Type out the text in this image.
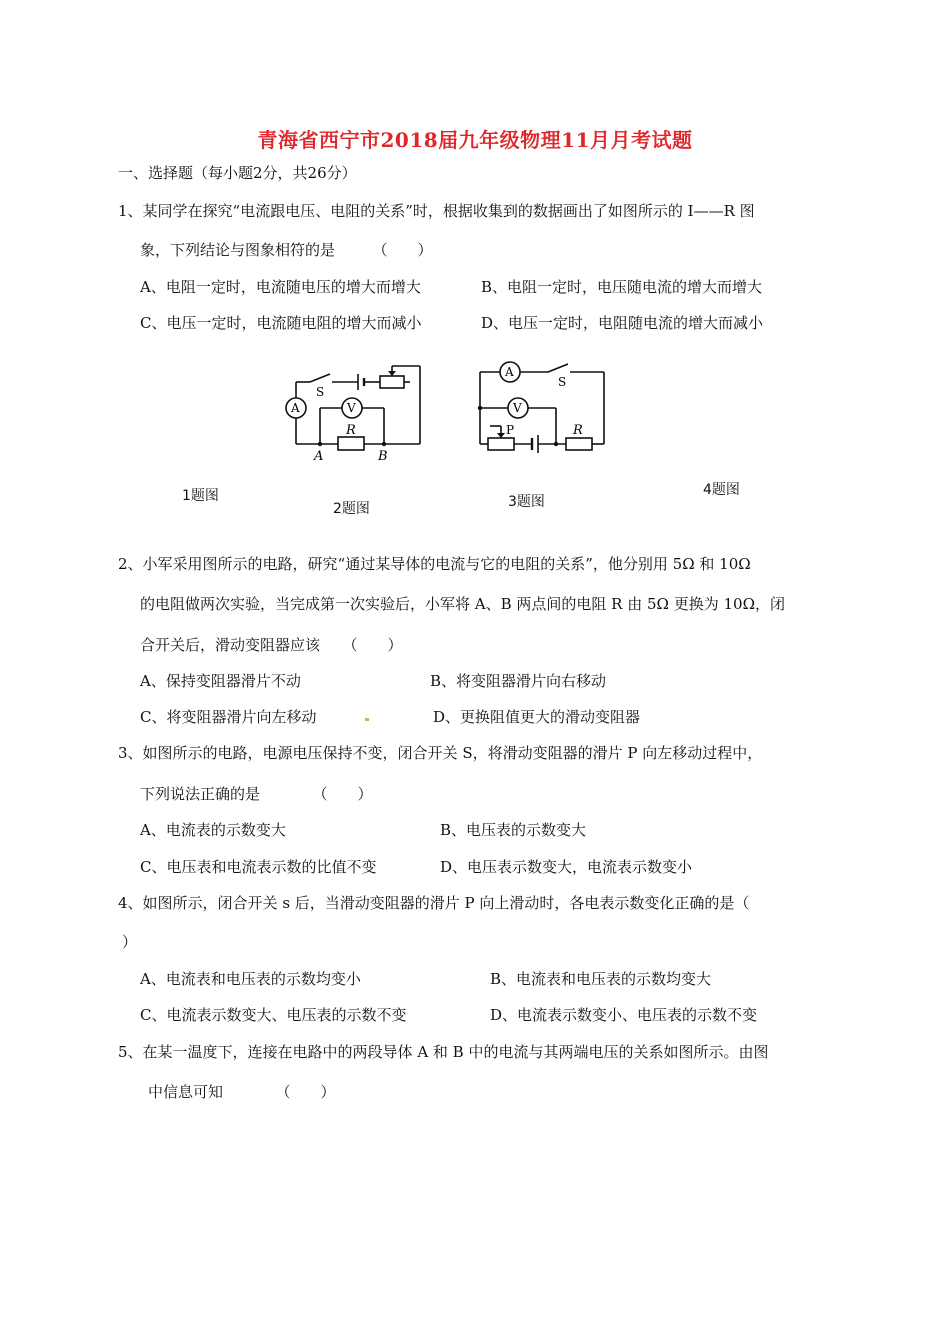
青海省西宁市2018届九年级物理11月月考试题
一、选择题（每小题2分，共26分）
1、某同学在探究“电流跟电压、电阻的关系”时，根据收集到的数据画出了如图所示的 I——R 图
象，下列结论与图象相符的是　　　（　　）
A、电阻一定时，电流随电压的增大而增大	B、电阻一定时，电压随电流的增大而增大
C、电压一定时，电流随电阻的增大而减小	D、电压一定时，电阻随电流的增大而减小
A	V
S
R
A	B
A
V
S
P	R
1题图
2题图	3题图
4题图
2、小军采用图所示的电路，研究“通过某导体的电流与它的电阻的关系”，他分别用 5Ω 和 10Ω
的电阻做两次实验，当完成第一次实验后，小军将 A、B 两点间的电阻 R 由 5Ω 更换为 10Ω，闭
合开关后，滑动变阻器应该　　（　　）
A、保持变阻器滑片不动	B、将变阻器滑片向右移动
C、将变阻器滑片向左移动	D、更换阻值更大的滑动变阻器
3、如图所示的电路，电源电压保持不变，闭合开关 S，将滑动变阻器的滑片 P 向左移动过程中，
下列说法正确的是　　　　（　　）
A、电流表的示数变大	B、电压表的示数变大
C、电压表和电流表示数的比值不变	D、电压表示数变大，电流表示数变小
4、如图所示，闭合开关 s 后，当滑动变阻器的滑片 P 向上滑动时，各电表示数变化正确的是（
）
A、电流表和电压表的示数均变小	B、电流表和电压表的示数均变大
C、电流表示数变大、电压表的示数不变	D、电流表示数变小、电压表的示数不变
5、在某一温度下，连接在电路中的两段导体 A 和 B 中的电流与其两端电压的关系如图所示。由图
中信息可知　　　　（　　）
